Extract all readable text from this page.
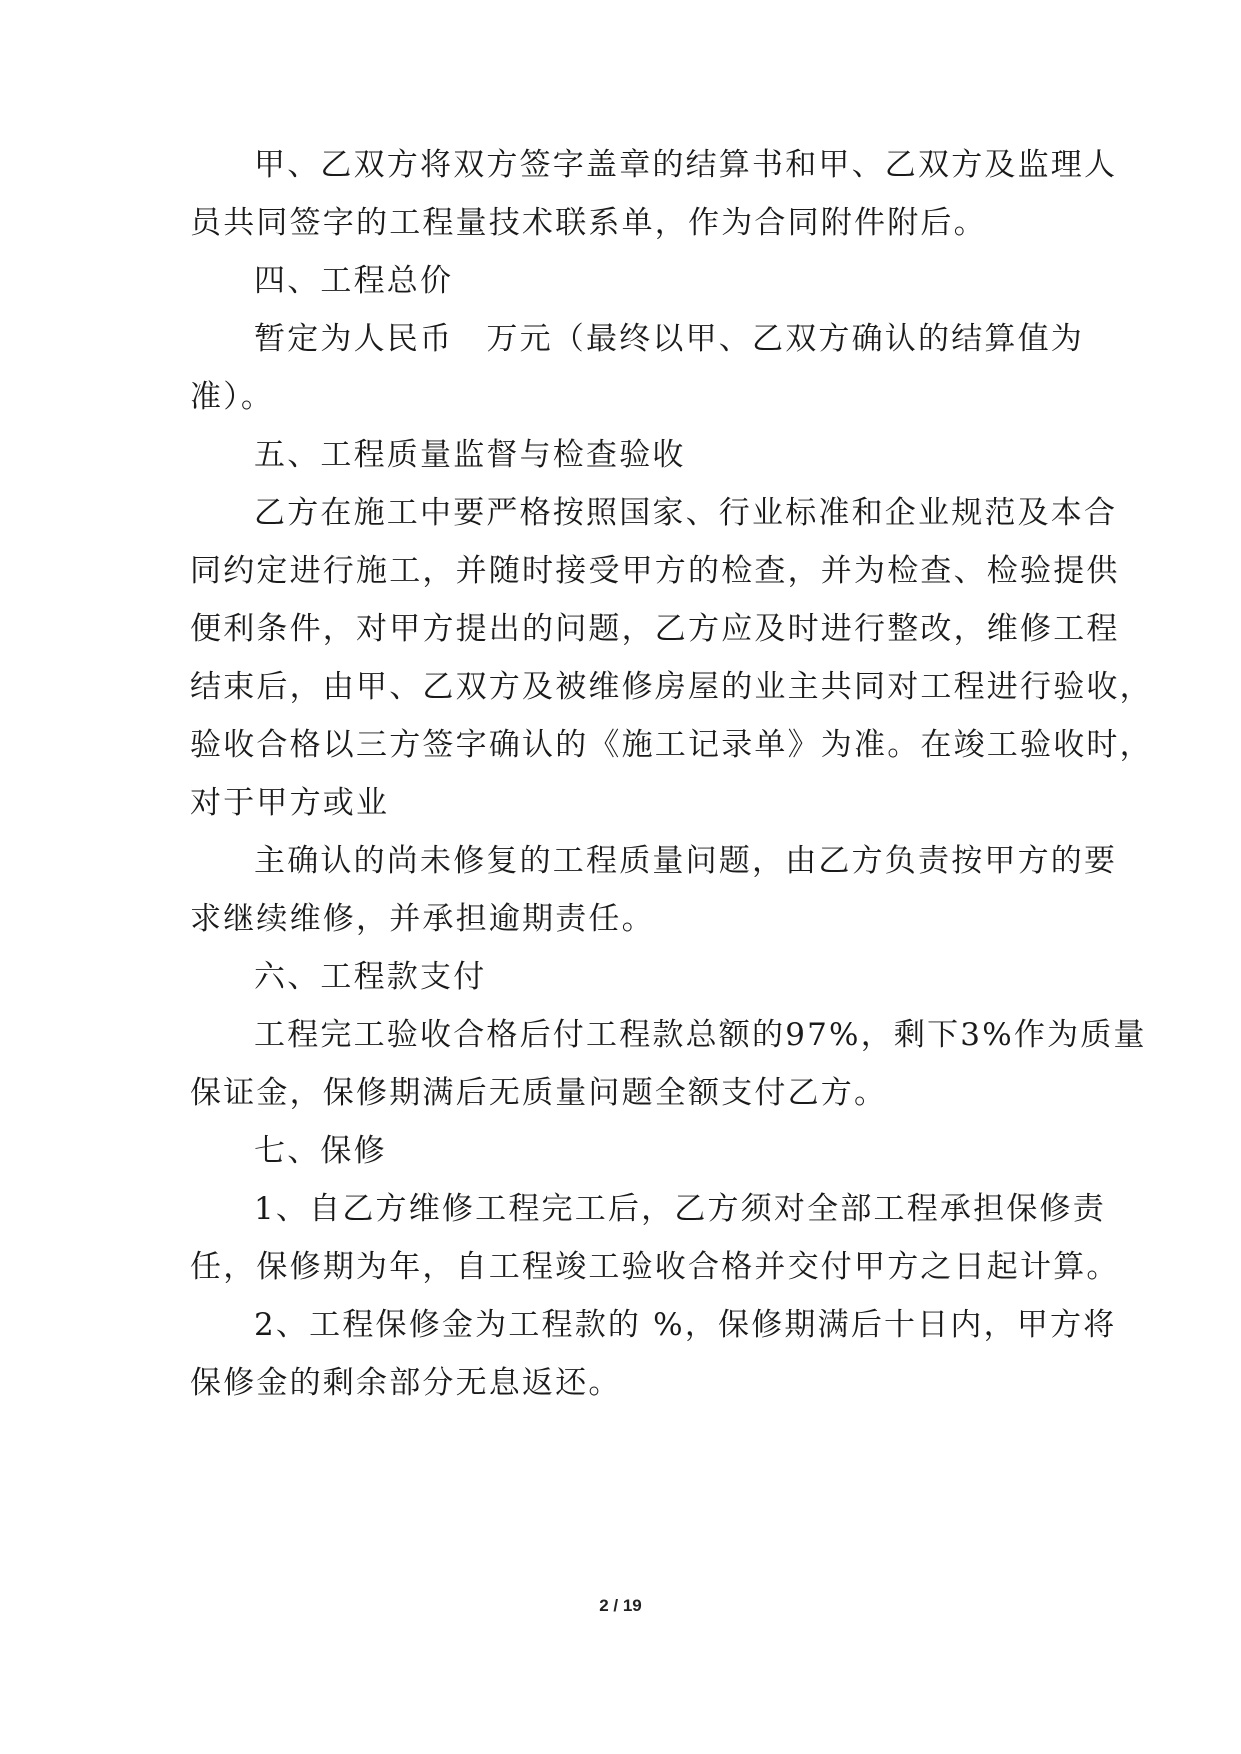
甲、乙双方将双方签字盖章的结算书和甲、乙双方及监理人
员共同签字的工程量技术联系单，作为合同附件附后。
四、工程总价
暂定为人民币　万元（最终以甲、乙双方确认的结算值为
准）。
五、工程质量监督与检查验收
乙方在施工中要严格按照国家、行业标准和企业规范及本合
同约定进行施工，并随时接受甲方的检查，并为检查、检验提供
便利条件，对甲方提出的问题，乙方应及时进行整改，维修工程
结束后，由甲、乙双方及被维修房屋的业主共同对工程进行验收，
验收合格以三方签字确认的《施工记录单》为准。在竣工验收时，
对于甲方或业
主确认的尚未修复的工程质量问题，由乙方负责按甲方的要
求继续维修，并承担逾期责任。
六、工程款支付
工程完工验收合格后付工程款总额的97%，剩下3%作为质量
保证金，保修期满后无质量问题全额支付乙方。
七、保修
1、自乙方维修工程完工后，乙方须对全部工程承担保修责
任，保修期为年，自工程竣工验收合格并交付甲方之日起计算。
2、工程保修金为工程款的 %，保修期满后十日内，甲方将
保修金的剩余部分无息返还。
2 / 19
